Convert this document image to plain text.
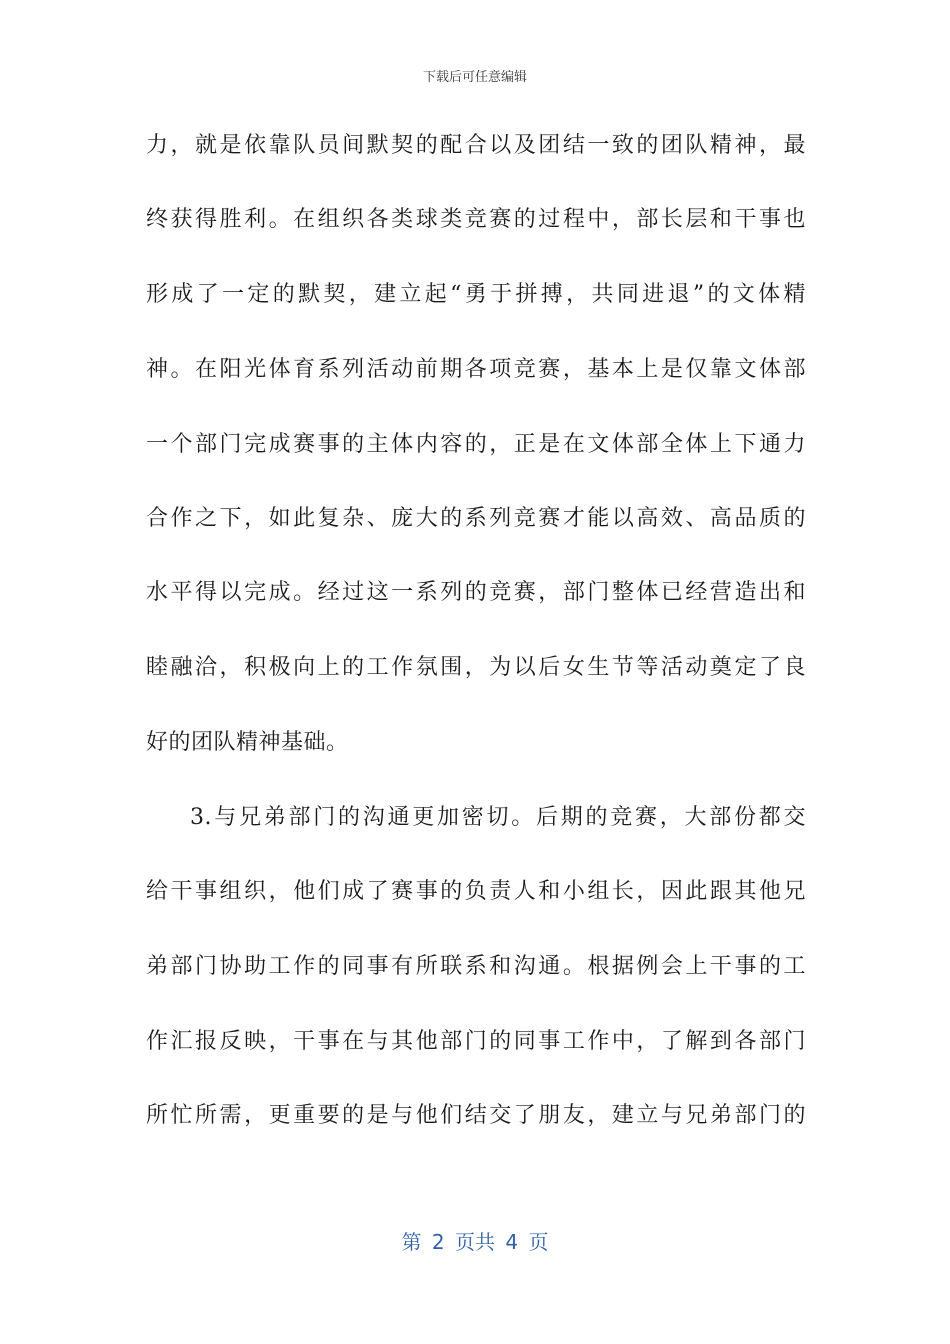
下载后可任意编辑
力，就是依靠队员间默契的配合以及团结一致的团队精神，最
终获得胜利。在组织各类球类竞赛的过程中，部长层和干事也
形成了一定的默契，建立起“勇于拼搏，共同进退”的文体精
神。在阳光体育系列活动前期各项竞赛，基本上是仅靠文体部
一个部门完成赛事的主体内容的，正是在文体部全体上下通力
合作之下，如此复杂、庞大的系列竞赛才能以高效、高品质的
水平得以完成。经过这一系列的竞赛，部门整体已经营造出和
睦融洽，积极向上的工作氛围，为以后女生节等活动奠定了良
好的团队精神基础。
3.与兄弟部门的沟通更加密切。后期的竞赛，大部份都交
给干事组织，他们成了赛事的负责人和小组长，因此跟其他兄
弟部门协助工作的同事有所联系和沟通。根据例会上干事的工
作汇报反映，干事在与其他部门的同事工作中，了解到各部门
所忙所需，更重要的是与他们结交了朋友，建立与兄弟部门的
第 2 页共 4 页
